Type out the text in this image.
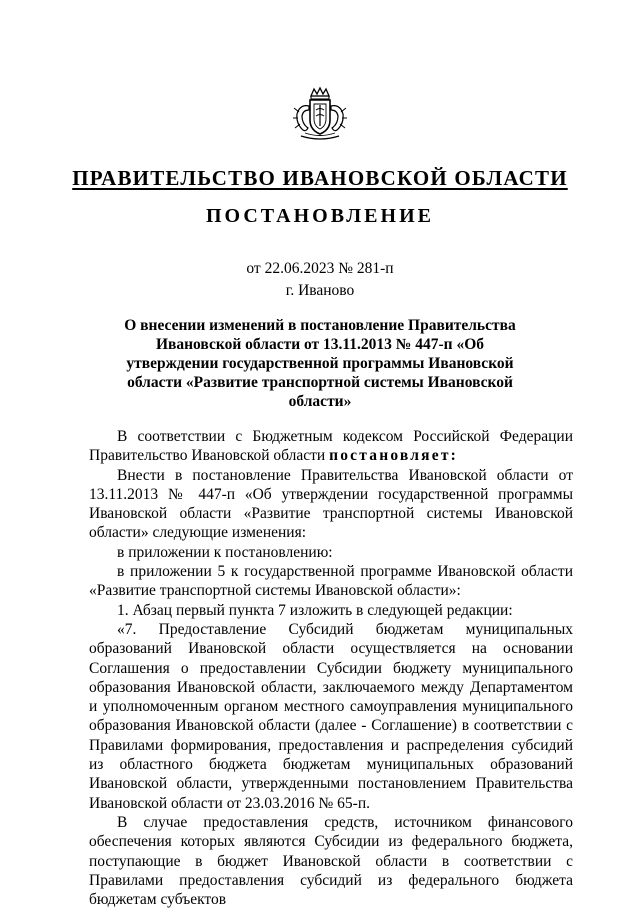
ПРАВИТЕЛЬСТВО ИВАНОВСКОЙ ОБЛАСТИ
ПОСТАНОВЛЕНИЕ
от 22.06.2023 № 281-п
г. Иваново
О внесении изменений в постановление Правительства Ивановской области от 13.11.2013 № 447-п «Об утверждении государственной программы Ивановской области «Развитие транспортной системы Ивановской области»

В соответствии с Бюджетным кодексом Российской Федерации Правительство Ивановской области постановляет:

Внести в постановление Правительства Ивановской области от 13.11.2013 № 447-п «Об утверждении государственной программы Ивановской области «Развитие транспортной системы Ивановской области» следующие изменения:

в приложении к постановлению:

в приложении 5 к государственной программе Ивановской области «Развитие транспортной системы Ивановской области»:

1. Абзац первый пункта 7 изложить в следующей редакции:

«7. Предоставление Субсидий бюджетам муниципальных образований Ивановской области осуществляется на основании Соглашения о предоставлении Субсидии бюджету муниципального образования Ивановской области, заключаемого между Департаментом и уполномоченным органом местного самоуправления муниципального образования Ивановской области (далее - Соглашение) в соответствии с Правилами формирования, предоставления и распределения субсидий из областного бюджета бюджетам муниципальных образований Ивановской области, утвержденными постановлением Правительства Ивановской области от 23.03.2016 № 65-п.

В случае предоставления средств, источником финансового обеспечения которых являются Субсидии из федерального бюджета, поступающие в бюджет Ивановской области в соответствии с Правилами предоставления субсидий из федерального бюджета бюджетам субъектов
